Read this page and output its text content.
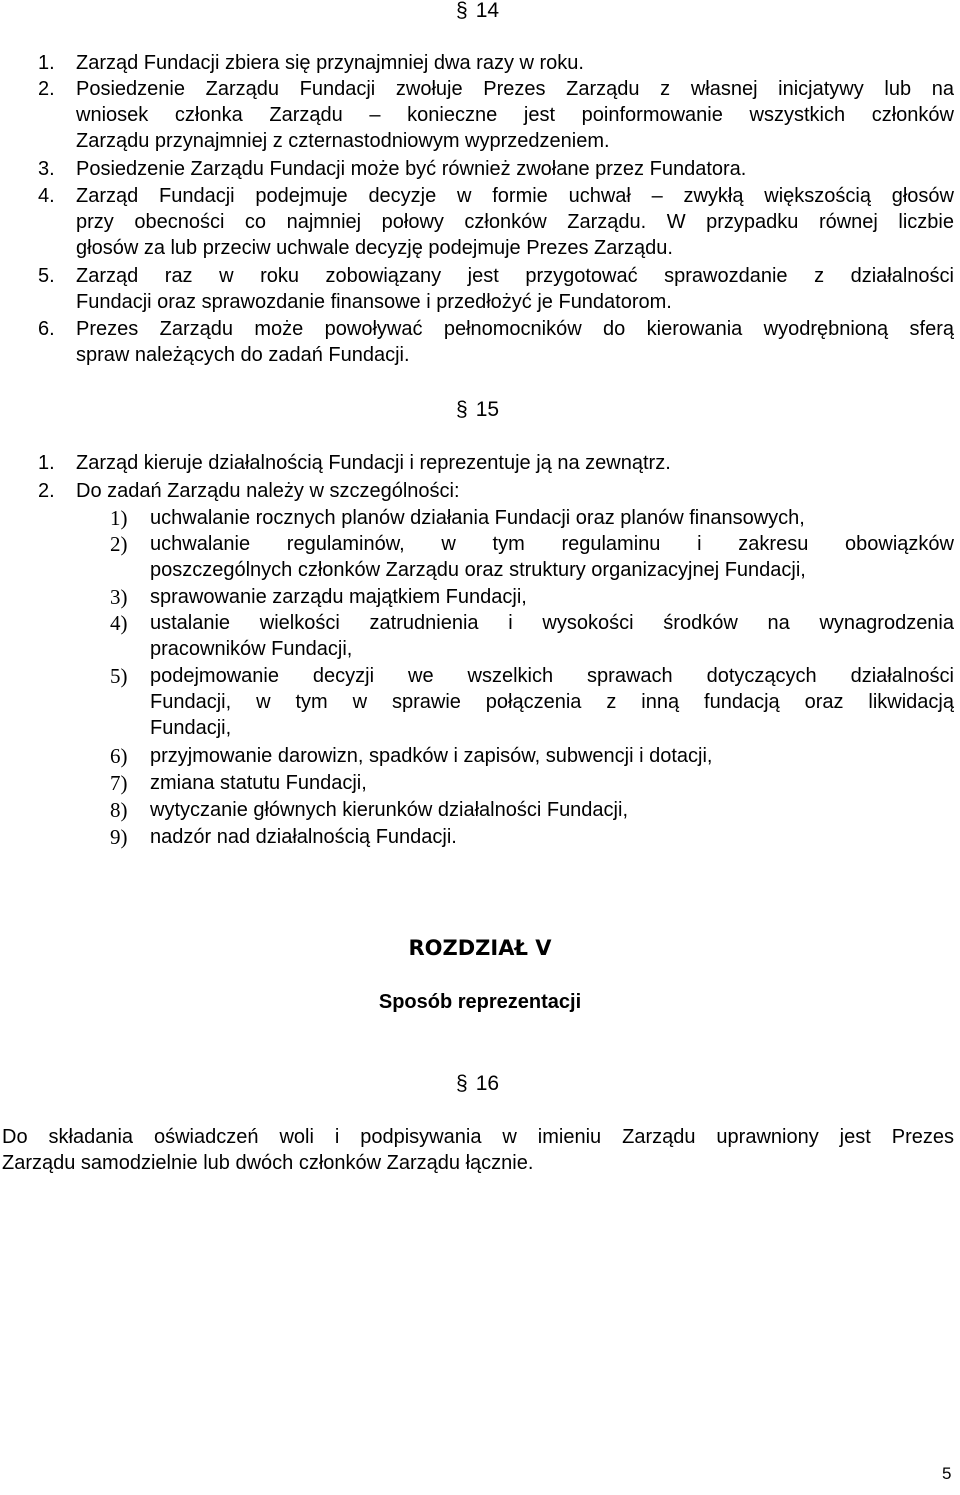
§ 14
1. Zarząd Fundacji zbiera się przynajmniej dwa razy w roku.
2. Posiedzenie Zarządu Fundacji zwołuje Prezes Zarządu z własnej inicjatywy lub na
wniosek członka Zarządu – konieczne jest poinformowanie wszystkich członków
Zarządu przynajmniej z czternastodniowym wyprzedzeniem.
3. Posiedzenie Zarządu Fundacji może być również zwołane przez Fundatora.
4. Zarząd Fundacji podejmuje decyzje w formie uchwał – zwykłą większością głosów
przy obecności co najmniej połowy członków Zarządu. W przypadku równej liczbie
głosów za lub przeciw uchwale decyzję podejmuje Prezes Zarządu.
5. Zarząd raz w roku zobowiązany jest przygotować sprawozdanie z działalności
Fundacji oraz sprawozdanie finansowe i przedłożyć je Fundatorom.
6. Prezes Zarządu może powoływać pełnomocników do kierowania wyodrębnioną sferą
spraw należących do zadań Fundacji.
§ 15
1. Zarząd kieruje działalnością Fundacji i reprezentuje ją na zewnątrz.
2. Do zadań Zarządu należy w szczególności:
1) uchwalanie rocznych planów działania Fundacji oraz planów finansowych,
2) uchwalanie regulaminów, w tym regulaminu i zakresu obowiązków
poszczególnych członków Zarządu oraz struktury organizacyjnej Fundacji,
3) sprawowanie zarządu majątkiem Fundacji,
4) ustalanie wielkości zatrudnienia i wysokości środków na wynagrodzenia
pracowników Fundacji,
5) podejmowanie decyzji we wszelkich sprawach dotyczących działalności
Fundacji, w tym w sprawie połączenia z inną fundacją oraz likwidacją
Fundacji,
6) przyjmowanie darowizn, spadków i zapisów, subwencji i dotacji,
7) zmiana statutu Fundacji,
8) wytyczanie głównych kierunków działalności Fundacji,
9) nadzór nad działalnością Fundacji.
ROZDZIAŁ V
Sposób reprezentacji
§ 16
Do składania oświadczeń woli i podpisywania w imieniu Zarządu uprawniony jest Prezes
Zarządu samodzielnie lub dwóch członków Zarządu łącznie.
5
